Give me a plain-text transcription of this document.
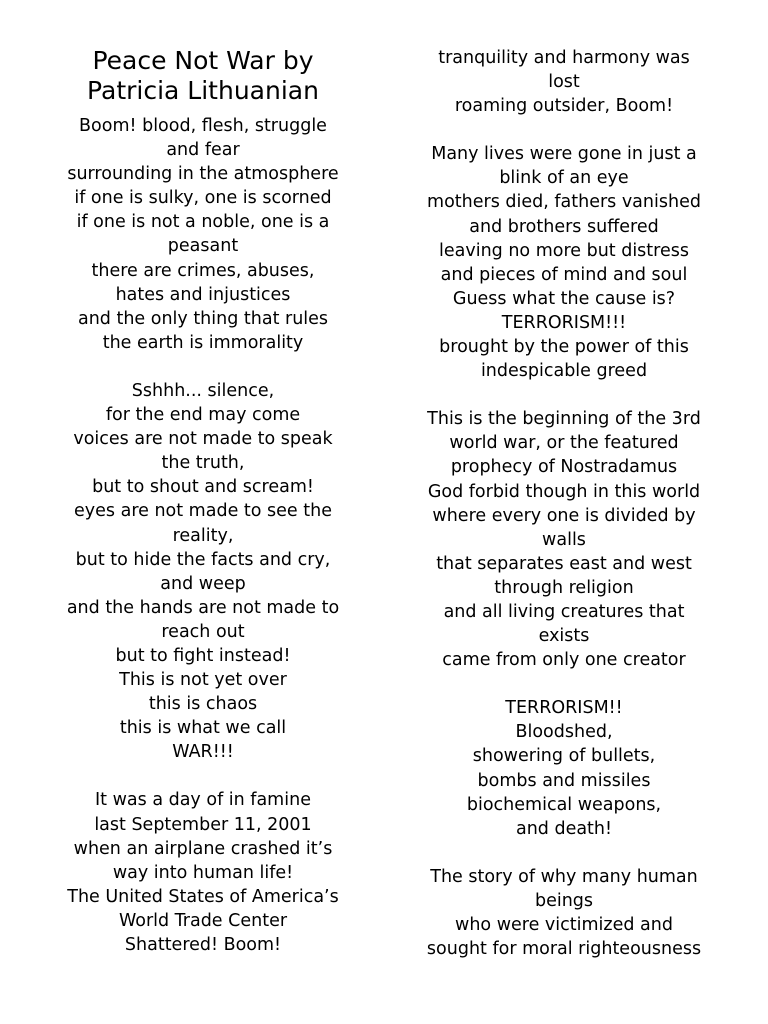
Peace Not War by
Patricia Lithuanian
Boom! blood, flesh, struggle
and fear
surrounding in the atmosphere
if one is sulky, one is scorned
if one is not a noble, one is a
peasant
there are crimes, abuses,
hates and injustices
and the only thing that rules
the earth is immorality
Sshhh... silence,
for the end may come
voices are not made to speak
the truth,
but to shout and scream!
eyes are not made to see the
reality,
but to hide the facts and cry,
and weep
and the hands are not made to
reach out
but to fight instead!
This is not yet over
this is chaos
this is what we call
WAR!!!
It was a day of in famine
last September 11, 2001
when an airplane crashed it’s
way into human life!
The United States of America’s
World Trade Center
Shattered! Boom!
tranquility and harmony was
lost
roaming outsider, Boom!
Many lives were gone in just a
blink of an eye
mothers died, fathers vanished
and brothers suffered
leaving no more but distress
and pieces of mind and soul
Guess what the cause is?
TERRORISM!!!
brought by the power of this
indespicable greed
This is the beginning of the 3rd
world war, or the featured
prophecy of Nostradamus
God forbid though in this world
where every one is divided by
walls
that separates east and west
through religion
and all living creatures that
exists
came from only one creator
TERRORISM!!
Bloodshed,
showering of bullets,
bombs and missiles
biochemical weapons,
and death!
The story of why many human
beings
who were victimized and
sought for moral righteousness
